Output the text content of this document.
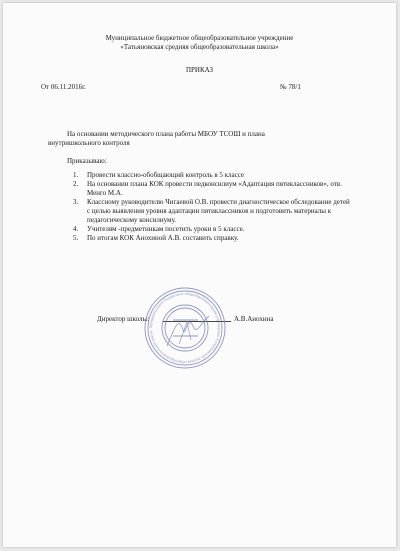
Муниципальное бюджетное общеобразовательное учреждение
«Татьяновская средняя общеобразовательная школа»
ПРИКАЗ
От 06.11.2016г.	№ 78/1
На основании методического плана работы МБОУ ТСОШ и плана
внутришкольного контроля
Приказываю:
1.	Провести классно-обобщающий контроль в 5 классе
2.	На основании плана КОК провести педконсилиум «Адаптация пятиклассников», отв. Менго М.А.
3.	Классному руководителю Чигаевой О.В. провести диагностическое обследование детей с целью выявления уровня адаптации пятиклассников и подготовить материалы к педагогическому консилиуму.
4.	Учителям -предметникам посетить уроки в 5 классе.
5.	По итогам КОК Анохиной А.В. составить справку.
Директор школы:	А.В.Анохина
Муниципальное бюджетное общеобразовательное учреждение Татьяновская средняя общеобразовательная школа
